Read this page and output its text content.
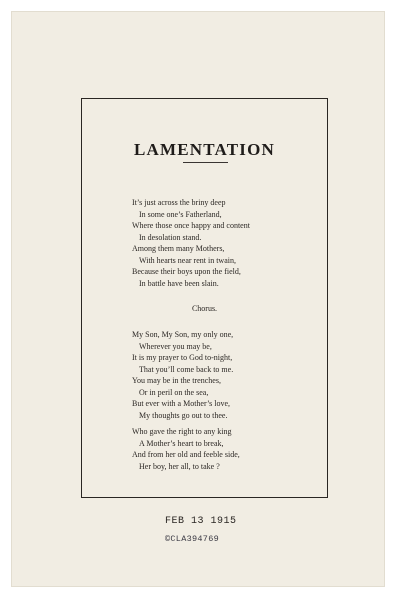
LAMENTATION
It’s just across the briny deep
In some one’s Fatherland,
Where those once happy and content
In desolation stand.
Among them many Mothers,
With hearts near rent in twain,
Because their boys upon the field,
In battle have been slain.
Chorus.
My Son, My Son, my only one,
Wherever you may be,
It is my prayer to God to-night,
That you’ll come back to me.
You may be in the trenches,
Or in peril on the sea,
But ever with a Mother’s love,
My thoughts go out to thee.
Who gave the right to any king
A Mother’s heart to break,
And from her old and feeble side,
Her boy, her all, to take ?
FEB 13 1915
©CLA394769
